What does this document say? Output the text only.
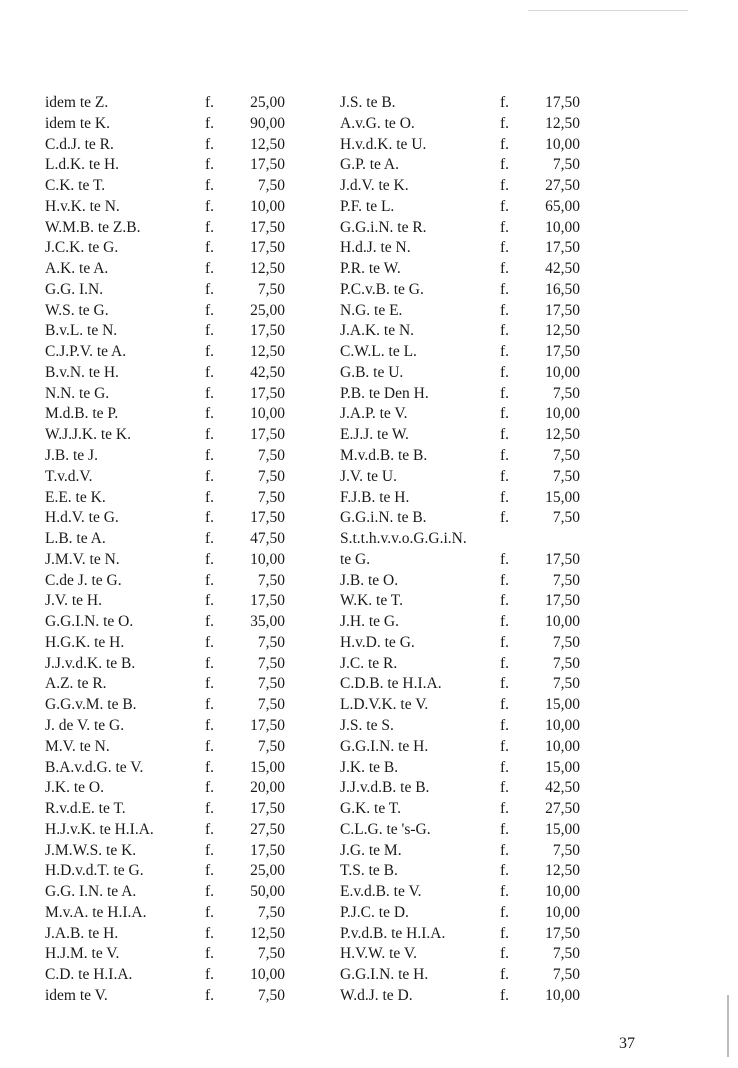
idem te Z.	f. 25,00
idem te K.	f. 90,00
C.d.J. te R.	f. 12,50
L.d.K. te H.	f. 17,50
C.K. te T.	f.	7,50
H.v.K. te N.	f. 10,00
W.M.B. te Z.B.	f. 17,50
J.C.K. te G.	f. 17,50
A.K. te A.	f. 12,50
G.G. I.N.	f.	7,50
W.S. te G.	f. 25,00
B.v.L. te N.	f. 17,50
C.J.P.V. te A.	f. 12,50
B.v.N. te H.	f. 42,50
N.N. te G.	f. 17,50
M.d.B. te P.	f. 10,00
W.J.J.K. te K.	f. 17,50
J.B. te J.	f.	7,50
T.v.d.V.	f.	7,50
E.E. te K.	f.	7,50
H.d.V. te G.	f. 17,50
L.B. te A.	f. 47,50
J.M.V. te N.	f. 10,00
C.de J. te G.	f.	7,50
J.V. te H.	f. 17,50
G.G.I.N. te O.	f. 35,00
H.G.K. te H.	f.	7,50
J.J.v.d.K. te B.	f.	7,50
A.Z. te R.	f.	7,50
G.G.v.M. te B.	f.	7,50
J. de V. te G.	f. 17,50
M.V. te N.	f.	7,50
B.A.v.d.G. te V.	f. 15,00
J.K. te O.	f. 20,00
R.v.d.E. te T.	f. 17,50
H.J.v.K. te H.I.A.	f. 27,50
J.M.W.S. te K.	f. 17,50
H.D.v.d.T. te G.	f. 25,00
G.G. I.N. te A.	f. 50,00
M.v.A. te H.I.A.	f.	7,50
J.A.B. te H.	f. 12,50
H.J.M. te V.	f.	7,50
C.D. te H.I.A.	f. 10,00
idem te V.	f.	7,50
J.S. te B.	f. 17,50
A.v.G. te O.	f. 12,50
H.v.d.K. te U.	f. 10,00
G.P. te A.	f.	7,50
J.d.V. te K.	f. 27,50
P.F. te L.	f. 65,00
G.G.i.N. te R.	f. 10,00
H.d.J. te N.	f. 17,50
P.R. te W.	f. 42,50
P.C.v.B. te G.	f. 16,50
N.G. te E.	f. 17,50
J.A.K. te N.	f. 12,50
C.W.L. te L.	f. 17,50
G.B. te U.	f. 10,00
P.B. te Den H.	f.	7,50
J.A.P. te V.	f. 10,00
E.J.J. te W.	f. 12,50
M.v.d.B. te B.	f.	7,50
J.V. te U.	f.	7,50
F.J.B. te H.	f. 15,00
G.G.i.N. te B.	f.	7,50
S.t.t.h.v.v.o.G.G.i.N.
te G.	f. 17,50
J.B. te O.	f.	7,50
W.K. te T.	f. 17,50
J.H. te G.	f. 10,00
H.v.D. te G.	f.	7,50
J.C. te R.	f.	7,50
C.D.B. te H.I.A.	f.	7,50
L.D.V.K. te V.	f. 15,00
J.S. te S.	f. 10,00
G.G.I.N. te H.	f. 10,00
J.K. te B.	f. 15,00
J.J.v.d.B. te B.	f. 42,50
G.K. te T.	f. 27,50
C.L.G. te 's-G.	f. 15,00
J.G. te M.	f.	7,50
T.S. te B.	f. 12,50
E.v.d.B. te V.	f. 10,00
P.J.C. te D.	f. 10,00
P.v.d.B. te H.I.A.	f. 17,50
H.V.W. te V.	f.	7,50
G.G.I.N. te H.	f.	7,50
W.d.J. te D.	f. 10,00
37
